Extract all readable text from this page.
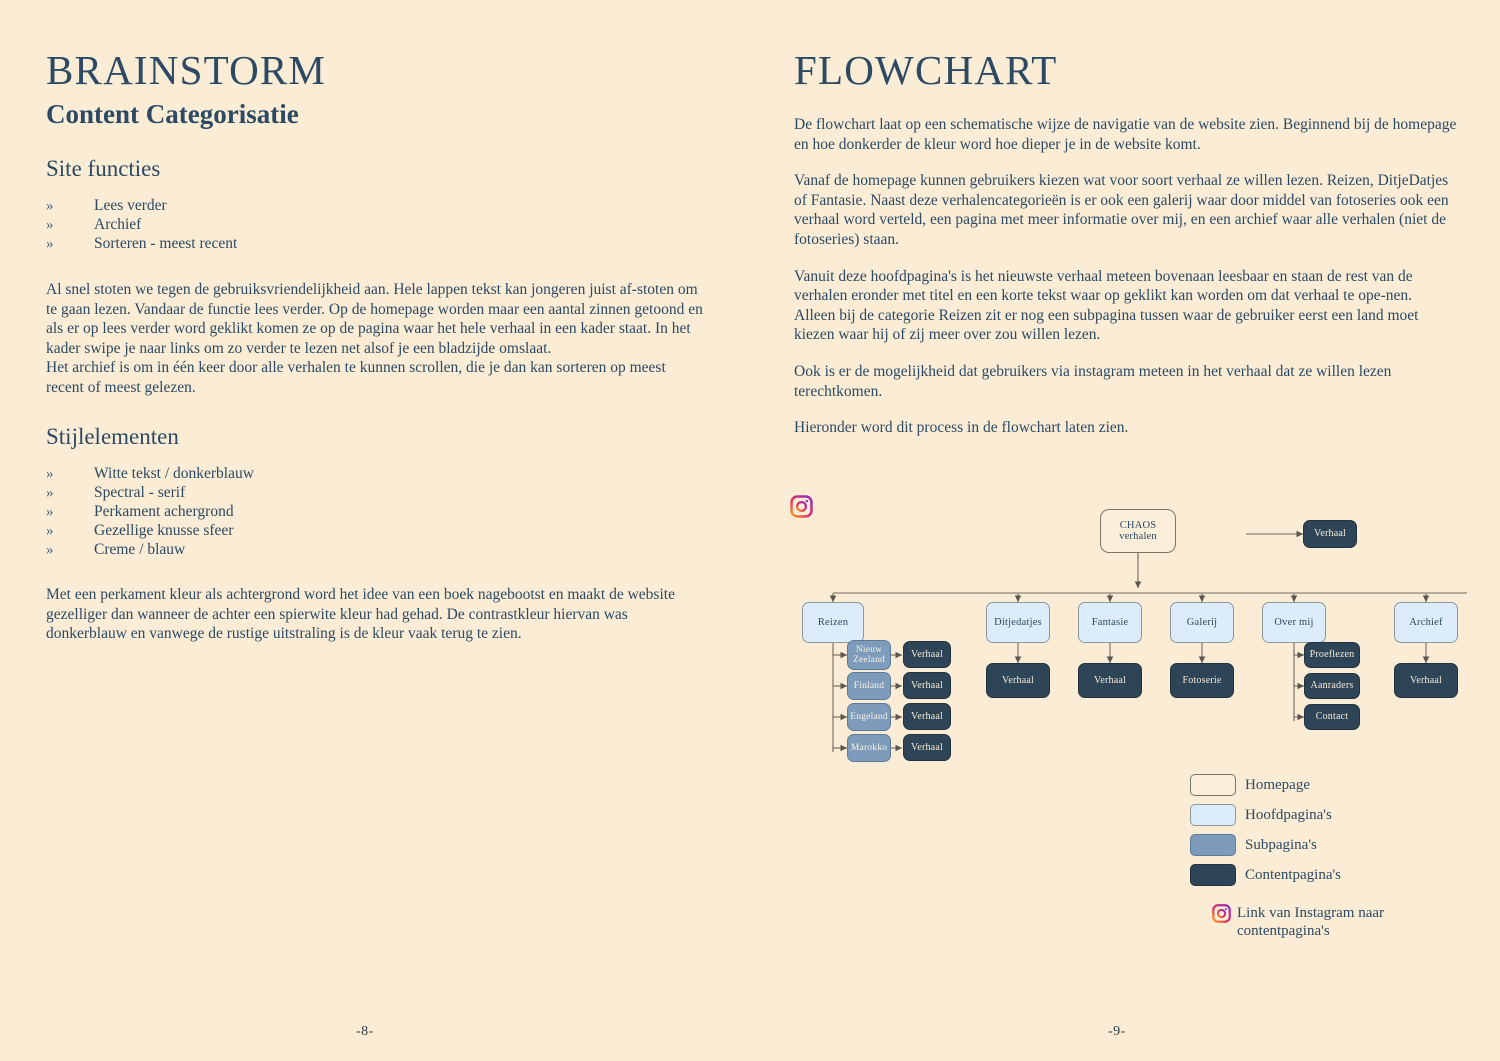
BRAINSTORM
Content Categorisatie
Site functies
»	Lees verder
»	Archief
»	Sorteren - meest recent

Al snel stoten we tegen de gebruiksvriendelijkheid aan. Hele lappen tekst kan jongeren juist af-stoten om te gaan lezen. Vandaar de functie lees verder. Op de homepage worden maar een aantal zinnen getoond en als er op lees verder word geklikt komen ze op de pagina waar het hele verhaal in een kader staat. In het kader swipe je naar links om zo verder te lezen net alsof je een bladzijde omslaat.

Het archief is om in één keer door alle verhalen te kunnen scrollen, die je dan kan sorteren op meest recent of meest gelezen.

Stijlelementen
»	Witte tekst / donkerblauw
»	Spectral - serif
»	Perkament achergrond
»	Gezellige knusse sfeer
»	Creme / blauw

Met een perkament kleur als achtergrond word het idee van een boek nagebootst en maakt de website gezelliger dan wanneer de achter een spierwite kleur had gehad. De contrastkleur hiervan was donkerblauw en vanwege de rustige uitstraling is de kleur vaak terug te zien.

FLOWCHART

De flowchart laat op een schematische wijze de navigatie van de website zien. Beginnend bij de homepage en hoe donkerder de kleur word hoe dieper je in de website komt.

Vanaf de homepage kunnen gebruikers kiezen wat voor soort verhaal ze willen lezen. Reizen, DitjeDatjes of Fantasie. Naast deze verhalencategorieën is er ook een galerij waar door middel van fotoseries ook een verhaal word verteld, een pagina met meer informatie over mij, en een archief waar alle verhalen (niet de fotoseries) staan.

Vanuit deze hoofdpagina's is het nieuwste verhaal meteen bovenaan leesbaar en staan de rest van de verhalen eronder met titel en een korte tekst waar op geklikt kan worden om dat verhaal te ope-nen.

Alleen bij de categorie Reizen zit er nog een subpagina tussen waar de gebruiker eerst een land moet kiezen waar hij of zij meer over zou willen lezen.

Ook is er de mogelijkheid dat gebruikers via instagram meteen in het verhaal dat ze willen lezen terechtkomen.

Hieronder word dit process in de flowchart laten zien.

CHAOS
verhalen	Verhaal
Reizen	Ditjedatjes	Fantasie	Galerij	Over mij	Archief
Nieuw
Zeeland
Finland
Engeland
Marokko
Verhaal
Verhaal
Verhaal
Verhaal
Verhaal	Verhaal	Fotoserie
Proeflezen
Aanraders
Contact
Verhaal
Homepage
Hoofdpagina's
Subpagina's
Contentpagina's
Link van Instagram naar
contentpagina's
-8-	-9-
